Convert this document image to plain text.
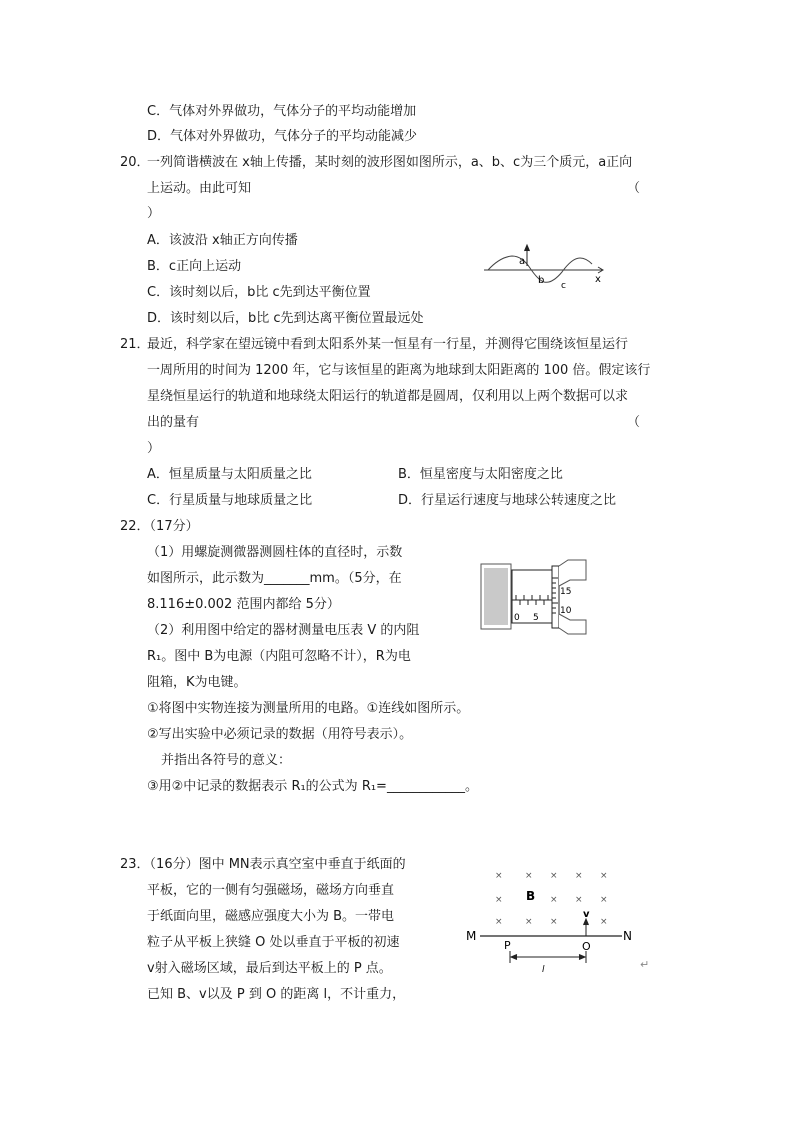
C．气体对外界做功，气体分子的平均动能增加
D．气体对外界做功，气体分子的平均动能减少
20．
一列简谐横波在 x轴上传播，某时刻的波形图如图所示，a、b、c为三个质元，a正向
上运动。由此可知	（
）
A．该波沿 x轴正方向传播
B．c正向上运动
C．该时刻以后，b比 c先到达平衡位置
D．该时刻以后，b比 c先到达离平衡位置最远处
a
b c
x
21．
最近，科学家在望远镜中看到太阳系外某一恒星有一行星，并测得它围绕该恒星运行
一周所用的时间为 1200 年，它与该恒星的距离为地球到太阳距离的 100 倍。假定该行
星绕恒星运行的轨道和地球绕太阳运行的轨道都是圆周，仅利用以上两个数据可以求
出的量有	（
）
A．恒星质量与太阳质量之比	B．恒星密度与太阳密度之比
C．行星质量与地球质量之比	D．行星运行速度与地球公转速度之比
22．（17分）
（1）用螺旋测微器测圆柱体的直径时，示数
如图所示，此示数为_______mm。（5分，在
8.116±0.002 范围内都给 5分）
（2）利用图中给定的器材测量电压表 V 的内阻
R₁。图中 B为电源（内阻可忽略不计），R为电
阻箱，K为电键。
①将图中实物连接为测量所用的电路。①连线如图所示。
②写出实验中必须记录的数据（用符号表示）。
并指出各符号的意义：
③用②中记录的数据表示 R₁的公式为 R₁=____________。
15
10
0 5
23．（16分）图中 MN表示真空室中垂直于纸面的
平板，它的一侧有匀强磁场，磁场方向垂直
于纸面向里，磁感应强度大小为 B。一带电
粒子从平板上狭缝 O 处以垂直于平板的初速
v射入磁场区域，最后到达平板上的 P 点。
已知 B、v以及 P 到 O 的距离 l，不计重力，
× × × × ×
×	× × ×
× × ×	×
B
v
M	N
P	O
l	↵
